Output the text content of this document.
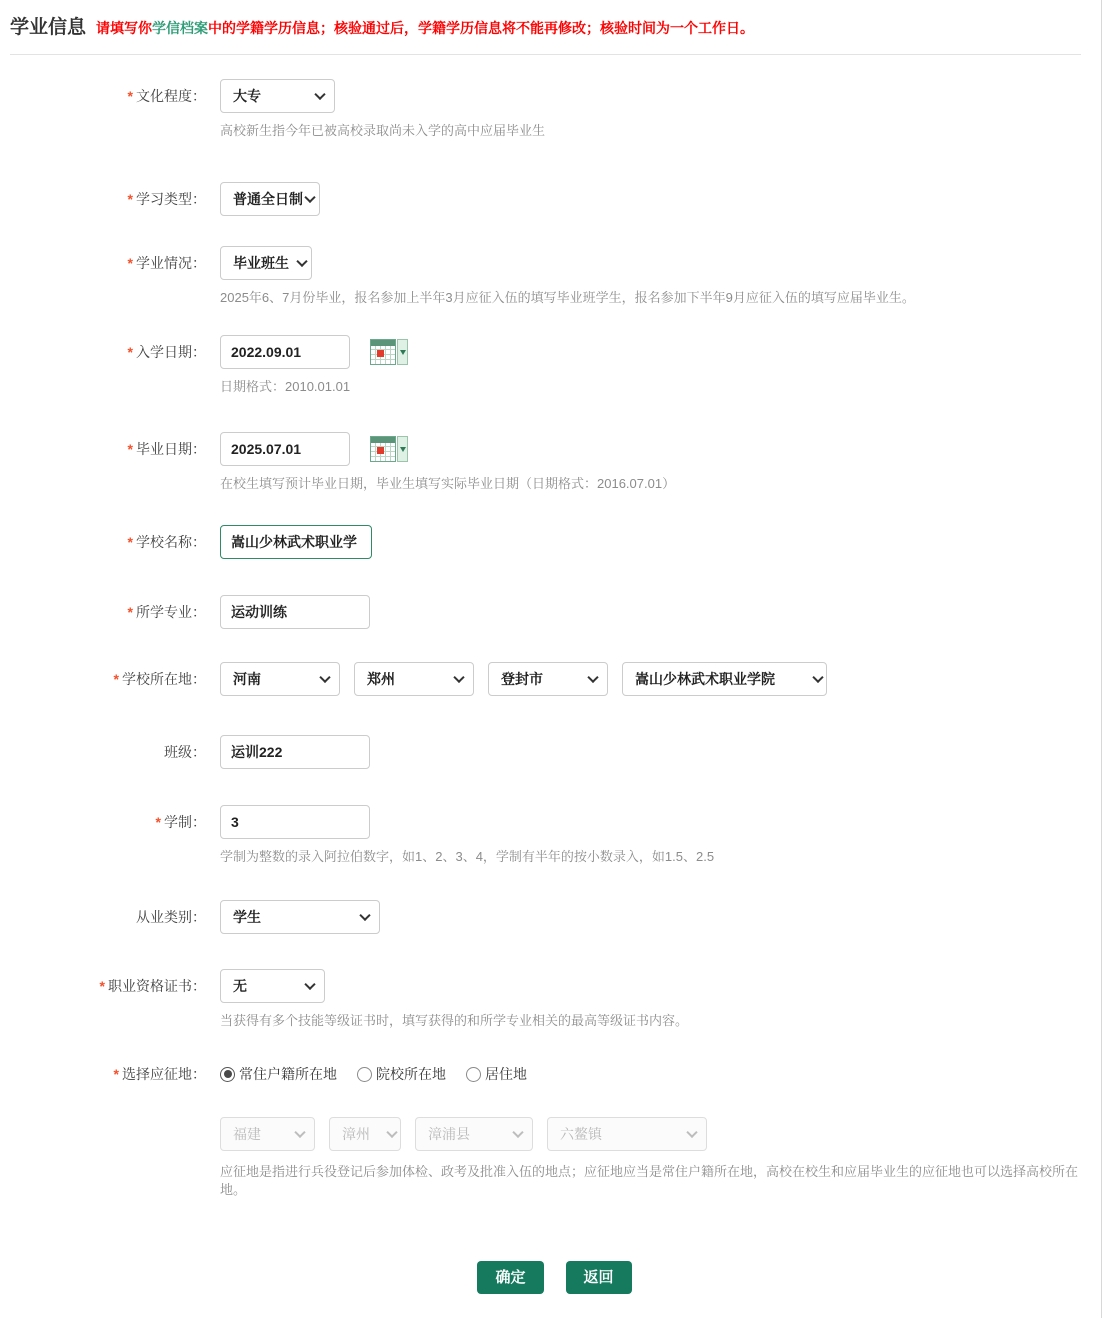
学业信息 请填写你学信档案中的学籍学历信息；核验通过后，学籍学历信息将不能再修改；核验时间为一个工作日。
* 文化程度：	大专
高校新生指今年已被高校录取尚未入学的高中应届毕业生
* 学习类型：	普通全日制
* 学业情况：	毕业班生
2025年6、7月份毕业，报名参加上半年3月应征入伍的填写毕业班学生，报名参加下半年9月应征入伍的填写应届毕业生。
* 入学日期：
2022.09.01
日期格式：2010.01.01
* 毕业日期：
2025.07.01
在校生填写预计毕业日期，毕业生填写实际毕业日期（日期格式：2016.07.01）
* 学校名称：
嵩山少林武术职业学
* 所学专业：
运动训练
* 学校所在地：	河南	郑州	登封市	嵩山少林武术职业学院
班级：
运训222
* 学制：
3
学制为整数的录入阿拉伯数字，如1、2、3、4，学制有半年的按小数录入，如1.5、2.5
从业类别：	学生
* 职业资格证书：	无
当获得有多个技能等级证书时，填写获得的和所学专业相关的最高等级证书内容。
* 选择应征地：	常住户籍所在地	院校所在地	居住地
福建	漳州	漳浦县	六鳌镇
应征地是指进行兵役登记后参加体检、政考及批准入伍的地点；应征地应当是常住户籍所在地，高校在校生和应届毕业生的应征地也可以选择高校所在地。
确定	返回
